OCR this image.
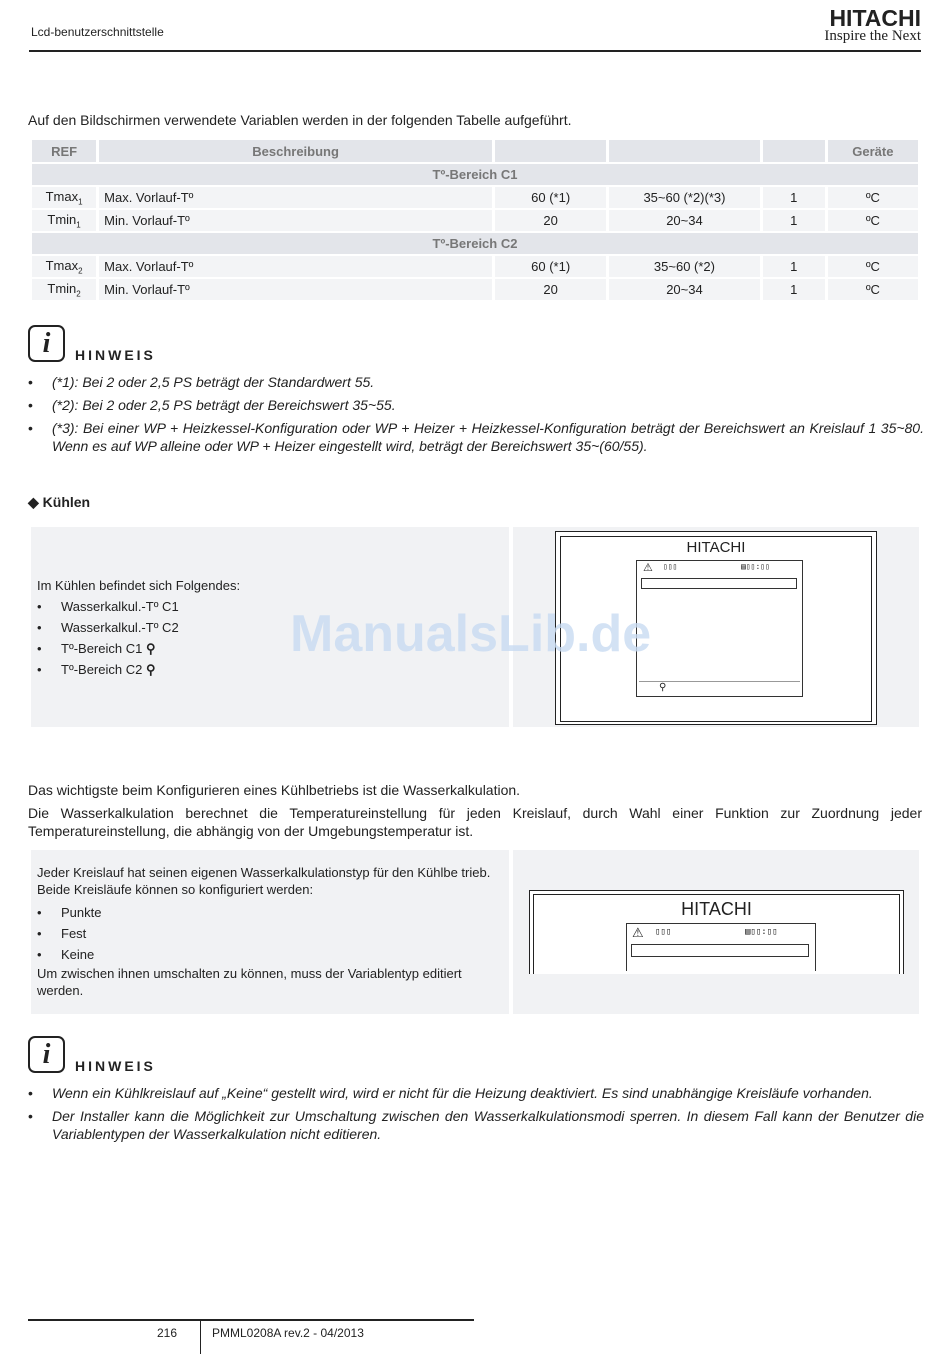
Lcd-benutzerschnittstelle
HITACHI
Inspire the Next
Auf den Bildschirmen verwendete Variablen werden in der folgenden Tabelle aufgeführt.
REF	Beschreibung				Geräte
Tº-Bereich C1					
Tmax$_1$	Max. Vorlauf-Tº	60 (*1)	35~60 (*2)(*3)	1	ºC
Tmin$_1$	Min. Vorlauf-Tº	20	20~34	1	ºC
Tº-Bereich C2					
Tmax$_2$	Max. Vorlauf-Tº	60 (*1)	35~60 (*2)	1	ºC
Tmin$_2$	Min. Vorlauf-Tº	20	20~34	1	ºC
i	HINWEIS
• (*1): Bei 2 oder 2,5 PS beträgt der Standardwert 55.
• (*2): Bei 2 oder 2,5 PS beträgt der Bereichswert 35~55.
• (*3): Bei einer WP + Heizkessel-Konfiguration oder WP + Heizer + Heizkessel-Konfiguration beträgt der Bereichswert an Kreislauf 1 35~80. Wenn es auf WP alleine oder WP + Heizer eingestellt wird, beträgt der Bereichswert 35~(60/55).
◆ Kühlen
Im Kühlen befindet sich Folgendes:
• Wasserkalkul.-Tº C1
• Wasserkalkul.-Tº C2
• Tº-Bereich C1 ⚲
• Tº-Bereich C2 ⚲
HITACHI
⚠ ▯▯▯	▤▯▯:▯▯
⚲
ManualsLib.de
Das wichtigste beim Konfigurieren eines Kühlbetriebs ist die Wasserkalkulation.
Die Wasserkalkulation berechnet die Temperatureinstellung für jeden Kreislauf, durch Wahl einer Funktion zur Zuordnung jeder Temperatureinstellung, die abhängig von der Umgebungstemperatur ist.
Jeder Kreislauf hat seinen eigenen Wasserkalkulationstyp für den Kühlbe trieb. Beide Kreisläufe können so konfiguriert werden:
• Punkte
• Fest
• Keine
Um zwischen ihnen umschalten zu können, muss der Variablentyp editiert werden.
HITACHI
⚠ ▯▯▯	▤▯▯:▯▯
i	HINWEIS
• Wenn ein Kühlkreislauf auf „Keine“ gestellt wird, wird er nicht für die Heizung deaktiviert. Es sind unabhängige Kreisläufe vorhanden.
• Der Installer kann die Möglichkeit zur Umschaltung zwischen den Wasserkalkulationsmodi sperren. In diesem Fall kann der Benutzer die Variablentypen der Wasserkalkulation nicht editieren.
216	PMML0208A rev.2 - 04/2013
